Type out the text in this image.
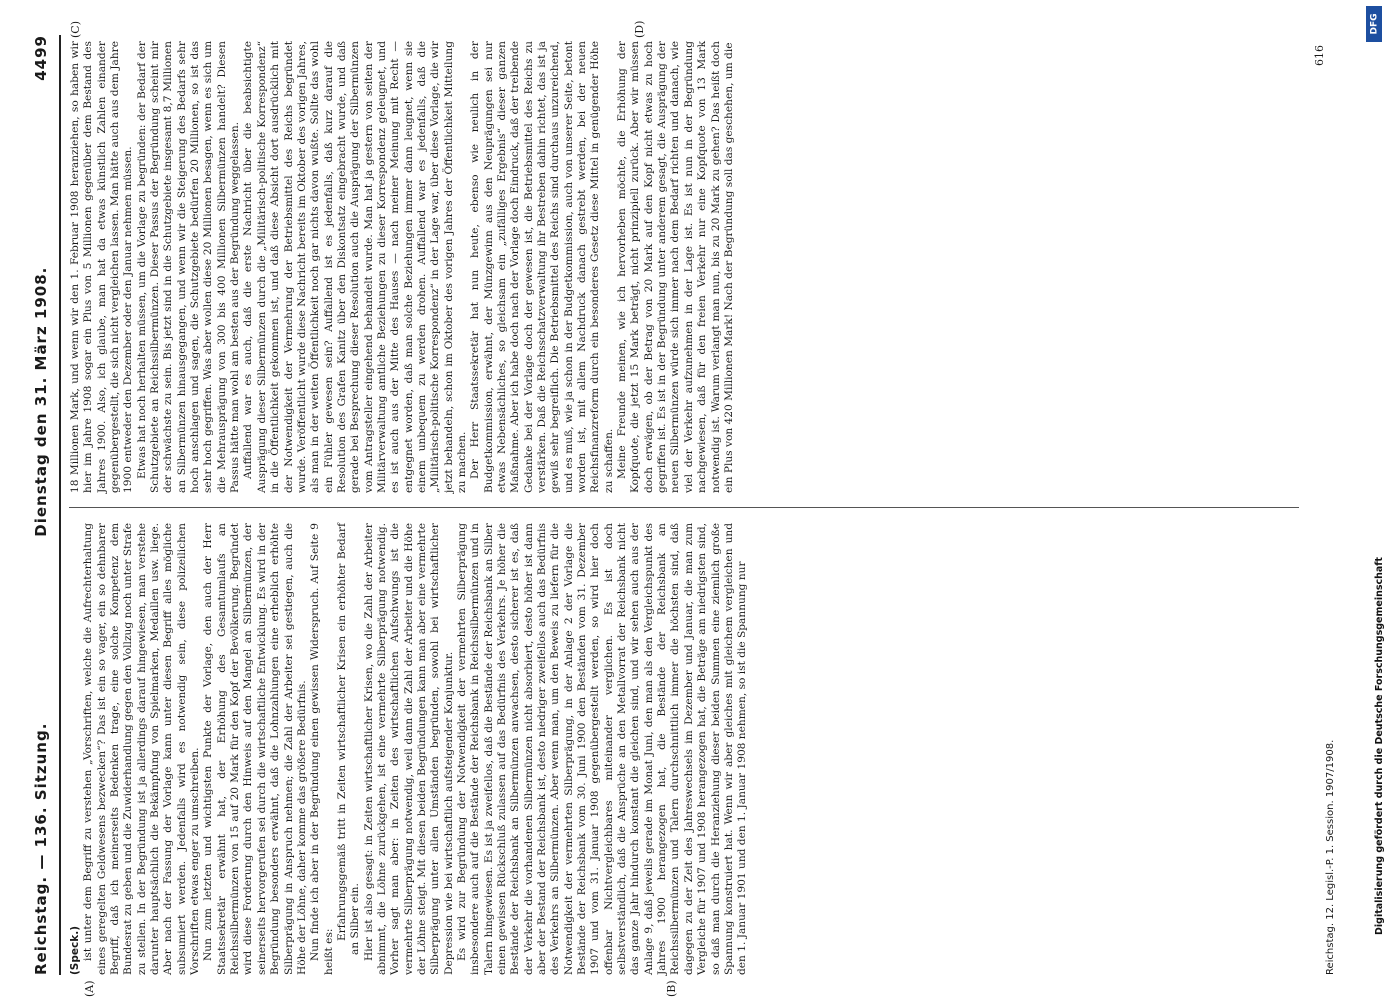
Reichstag. — 136. Sitzung.
Dienstag den 31. März 1908.
4499
(A)	(B)
(C)	(D)

(Speck.) ist unter dem Begriff zu verstehen „Vorschriften, welche die Aufrechterhaltung eines geregelten Geldwesens bezwecken“? Das ist ein so vager, ein so dehnbarer Begriff, daß ich meinerseits Bedenken trage, eine solche Kompetenz dem Bundesrat zu geben und die Zuwiderhandlung gegen den Vollzug noch unter Strafe zu stellen. In der Begründung ist ja allerdings darauf hingewiesen, man verstehe darunter hauptsächlich die Bekämpfung von Spielmarken, Medaillen usw. liege. Aber nach der Fassung der Vorlage kann unter diesen Begriff alles mögliche subsumiert werden. Jedenfalls wird es notwendig sein, diese polizeilichen Vorschriften etwas enger zu umschreiben. Nun zum letzten und wichtigsten Punkte der Vorlage, den auch der Herr Staatssekretär erwähnt hat, der Erhöhung des Gesamtumlaufs an Reichssilbermünzen von 15 auf 20 Mark für den Kopf der Bevölkerung. Begründet wird diese Forderung durch den Hinweis auf den Mangel an Silbermünzen, der seinerseits hervorgerufen sei durch die wirtschaftliche Entwicklung. Es wird in der Begründung besonders erwähnt, daß die Lohnzahlungen eine erheblich erhöhte Silberprägung in Anspruch nehmen; die Zahl der Arbeiter sei gestiegen, auch die Höhe der Löhne, daher komme das größere Bedürfnis. Nun finde ich aber in der Begründung einen gewissen Widerspruch. Auf Seite 9 heißt es:

Erfahrungsgemäß tritt in Zeiten wirtschaftlicher Krisen ein erhöhter Bedarf an Silber ein. Hier ist also gesagt: in Zeiten wirtschaftlicher Krisen, wo die Zahl der Arbeiter abnimmt, die Löhne zurückgehen, ist eine vermehrte Silberprägung notwendig. Vorher sagt man aber: in Zeiten des wirtschaftlichen Aufschwungs ist die vermehrte Silberprägung notwendig, weil dann die Zahl der Arbeiter und die Höhe der Löhne steigt. Mit diesen beiden Begründungen kann man aber eine vermehrte Silberprägung unter allen Umständen begründen, sowohl bei wirtschaftlicher Depression wie bei wirtschaftlich aufsteigender Konjunktur. Es wird zur Begründung der Notwendigkeit der vermehrten Silberprägung insbesondere auch auf die Bestände der Reichsbank in Reichssilbermünzen und in Talern hingewiesen. Es ist ja zweifellos, daß die Bestände der Reichsbank an Silber einen gewissen Rückschluß zulassen auf das Bedürfnis des Verkehrs. Je höher die Bestände der Reichsbank an Silbermünzen anwachsen, desto sicherer ist es, daß der Verkehr die vorhandenen Silbermünzen nicht absorbiert, desto höher ist dann aber der Bestand der Reichsbank ist, desto niedriger zweifellos auch das Bedürfnis des Verkehrs an Silbermünzen. Aber wenn man, um den Beweis zu liefern für die Notwendigkeit der vermehrten Silberprägung, in der Anlage 2 der Vorlage die Bestände der Reichsbank vom 30. Juni 1900 den Beständen vom 31. Dezember 1907 und vom 31. Januar 1908 gegenübergestellt werden, so wird hier doch offenbar Nichtvergleichbares miteinander verglichen. Es ist doch selbstverständlich, daß die Ansprüche an den Metallvorrat der Reichsbank nicht das ganze Jahr hindurch konstant die gleichen sind, und wir sehen auch aus der Anlage 9, daß jeweils gerade im Monat Juni, den man als den Vergleichspunkt des Jahres 1900 herangezogen hat, die Bestände der Reichsbank an Reichssilbermünzen und Talern durchschnittlich immer die höchsten sind, daß dagegen zu der Zeit des Jahreswechsels im Dezember und Januar, die man zum Vergleiche für 1907 und 1908 herangezogen hat, die Beträge am niedrigsten sind, so daß man durch die Heranziehung dieser beiden Summen eine ziemlich große Spannung konstruiert hat. Wenn wir aber gleiches mit gleichem vergleichen und den 1. Januar 1901 und den 1. Januar 1908 nehmen, so ist die Spannung nur

18 Millionen Mark, und wenn wir den 1. Februar 1908 heranziehen, so haben wir hier im Jahre 1908 sogar ein Plus von 5 Millionen gegenüber dem Bestand des Jahres 1900. Also, ich glaube, man hat da etwas künstlich Zahlen einander gegenübergestellt, die sich nicht vergleichen lassen. Man hätte auch aus dem Jahre 1900 entweder den Dezember oder den Januar nehmen müssen. Etwas hat noch herhalten müssen, um die Vorlage zu begründen: der Bedarf der Schutzgebiete an Reichssilbermünzen. Dieser Passus der Begründung scheint mir der schwächste zu sein. Bis jetzt sind in die Schutzgebiete insgesamt 8,7 Millionen an Silbermünzen hinausgegangen, und wenn wir die Steigerung des Bedarfs sehr hoch anschlagen und sagen, die Schutzgebiete bedürfen 20 Millionen, so ist das sehr hoch gegriffen. Was aber wollen diese 20 Millionen besagen, wenn es sich um die Mehrausprägung von 300 bis 400 Millionen Silbermünzen handelt? Diesen Passus hätte man wohl am besten aus der Begründung weggelassen. Auffallend war es auch, daß die erste Nachricht über die beabsichtigte Ausprägung dieser Silbermünzen durch die „Militärisch-politische Korrespondenz“ in die Öffentlichkeit gekommen ist, und daß diese Absicht dort ausdrücklich mit der Notwendigkeit der Vermehrung der Betriebsmittel des Reichs begründet wurde. Veröffentlicht wurde diese Nachricht bereits im Oktober des vorigen Jahres, als man in der weiten Öffentlichkeit noch gar nichts davon wußte. Sollte das wohl ein Fühler gewesen sein? Auffallend ist es jedenfalls, daß kurz darauf die Resolution des Grafen Kanitz über den Diskontsatz eingebracht wurde, und daß gerade bei Besprechung dieser Resolution auch die Ausprägung der Silbermünzen vom Antragsteller eingehend behandelt wurde. Man hat ja gestern von seiten der Militärverwaltung amtliche Beziehungen zu dieser Korrespondenz geleugnet, und es ist auch aus der Mitte des Hauses — nach meiner Meinung mit Recht — entgegnet worden, daß man solche Beziehungen immer dann leugnet, wenn sie einem unbequem zu werden drohen. Auffallend war es jedenfalls, daß die „Militärisch-politische Korrespondenz“ in der Lage war, über diese Vorlage, die wir jetzt behandeln, schon im Oktober des vorigen Jahres der Öffentlichkeit Mitteilung zu machen. Der Herr Staatssekretär hat nun heute, ebenso wie neulich in der Budgetkommission, erwähnt, der Münzgewinn aus den Neuprägungen sei nur etwas Nebensächliches, so gleichsam ein „zufälliges Ergebnis“ dieser ganzen Maßnahme. Aber ich habe doch nach der Vorlage doch Eindruck, daß der treibende Gedanke bei der Vorlage doch der gewesen ist, die Betriebsmittel des Reichs zu verstärken. Daß die Reichsschatzverwaltung ihr Bestreben dahin richtet, das ist ja gewiß sehr begreiflich. Die Betriebsmittel des Reichs sind durchaus unzureichend, und es muß, wie ja schon in der Budgetkommission, auch von unserer Seite, betont worden ist, mit allem Nachdruck danach gestrebt werden, bei der neuen Reichsfinanzreform durch ein besonderes Gesetz diese Mittel in genügender Höhe zu schaffen. Meine Freunde meinen, wie ich hervorheben möchte, die Erhöhung der Kopfquote, die jetzt 15 Mark beträgt, nicht prinzipiell zurück. Aber wir müssen doch erwägen, ob der Betrag von 20 Mark auf den Kopf nicht etwas zu hoch gegriffen ist. Es ist in der Begründung unter anderem gesagt, die Ausprägung der neuen Silbermünzen würde sich immer nach dem Bedarf richten und danach, wie viel der Verkehr aufzunehmen in der Lage ist. Es ist nun in der Begründung nachgewiesen, daß für den freien Verkehr nur eine Kopfquote von 13 Mark notwendig ist. Warum verlangt man nun, bis zu 20 Mark zu gehen? Das heißt doch ein Plus von 420 Millionen Mark! Nach der Begründung soll das geschehen, um die

Reichstag. 12. Legisl.-P. 1. Session. 1907/1908.
616
DFG
Digitalisierung gefördert durch die Deutsche Forschungsgemeinschaft
